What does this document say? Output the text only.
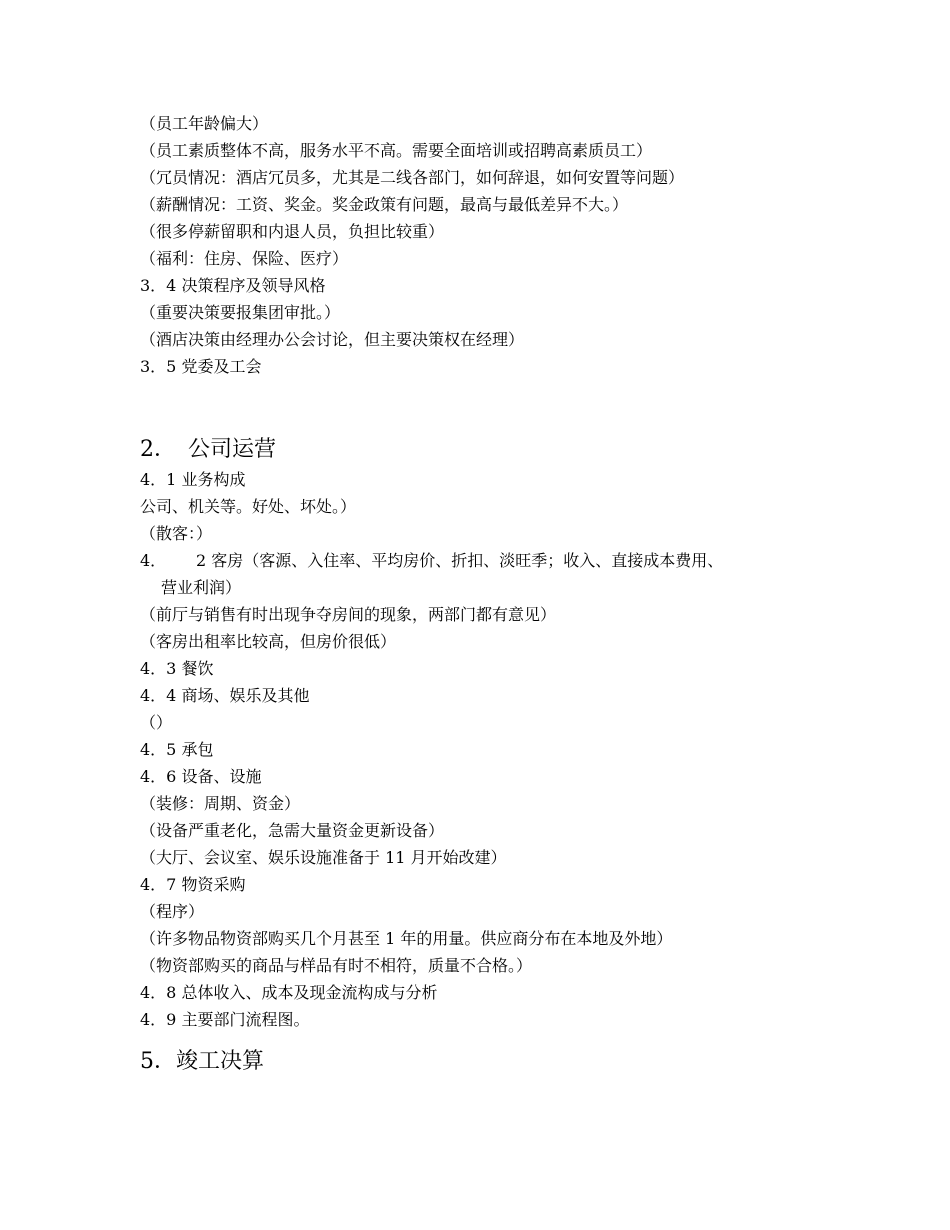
（员工年龄偏大）
（员工素质整体不高，服务水平不高。需要全面培训或招聘高素质员工）
（冗员情况：酒店冗员多，尤其是二线各部门，如何辞退，如何安置等问题）
（薪酬情况：工资、奖金。奖金政策有问题，最高与最低差异不大。）
（很多停薪留职和内退人员，负担比较重）
（福利：住房、保险、医疗）
3．4 决策程序及领导风格
（重要决策要报集团审批。）
（酒店决策由经理办公会讨论，但主要决策权在经理）
3．5 党委及工会
2． 公司运营
4．1 业务构成
公司、机关等。好处、坏处。）
（散客：）
4． 2 客房（客源、入住率、平均房价、折扣、淡旺季；收入、直接成本费用、
营业利润）
（前厅与销售有时出现争夺房间的现象，两部门都有意见）
（客房出租率比较高，但房价很低）
4．3 餐饮
4．4 商场、娱乐及其他
（）
4．5 承包
4．6 设备、设施
（装修：周期、资金）
（设备严重老化，急需大量资金更新设备）
（大厅、会议室、娱乐设施准备于 11 月开始改建）
4．7 物资采购
（程序）
（许多物品物资部购买几个月甚至 1 年的用量。供应商分布在本地及外地）
（物资部购买的商品与样品有时不相符，质量不合格。）
4．8 总体收入、成本及现金流构成与分析
4．9 主要部门流程图。
5．竣工决算
